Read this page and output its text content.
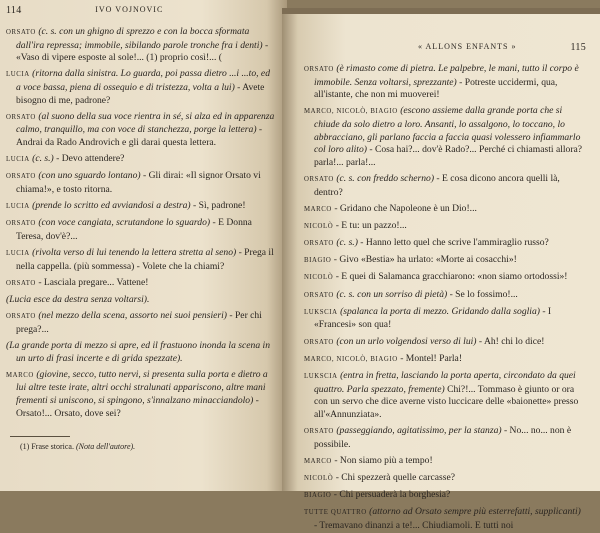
114	IVO VOJNOVIC
ORSATO (c. s. con un ghigno di sprezzo e con la bocca sformata dall'ira repressa; immobile, sibilando parole tronche fra i denti) - «Vaso di vipere esposte al sole!... (1) proprio così!... (
LUCIA (ritorna dalla sinistra. Lo guarda, poi passa dietro ...i ...to, ed a voce bassa, piena di ossequio e di tristezza, volta a lui) - Avete bisogno di me, padrone?
ORSATO (al suono della sua voce rientra in sé, si alza ed in apparenza calmo, tranquillo, ma con voce di stanchezza, porge la lettera) - Andrai da Rado Androvich e gli darai questa lettera.
LUCIA (c. s.) - Devo attendere?
ORSATO (con uno sguardo lontano) - Gli dirai: «Il signor Orsato vi chiama!», e tosto ritorna.
LUCIA (prende lo scritto ed avviandosi a destra) - Sì, padrone!
ORSATO (con voce cangiata, scrutandone lo sguardo) - E Donna Teresa, dov'è?...
LUCIA (rivolta verso di lui tenendo la lettera stretta al seno) - Prega il nella cappella. (più sommessa) - Volete che la chiami?
ORSATO - Lasciala pregare... Vattene!
(Lucia esce da destra senza voltarsi).
ORSATO (nel mezzo della scena, assorto nei suoi pensieri) - Per chi prega?...
(La grande porta di mezzo si apre, ed il frastuono inonda la scena in un urto di frasi incerte e di grida spezzate).
MARCO (giovine, secco, tutto nervi, si presenta sulla porta e dietro a lui altre teste irate, altri occhi stralunati appariscono, altre mani frementi si uniscono, si spingono, s'innalzano minacciandolo) - Orsato!... Orsato, dove sei?
(1) Frase storica. (Nota dell'autore).
« ALLONS ENFANTS »	115
ORSATO (è rimasto come di pietra. Le palpebre, le mani, tutto il corpo è immobile. Senza voltarsi, sprezzante) - Potreste uccidermi, qua, all'istante, che non mi muoverei!
MARCO, NICOLÒ, BIAGIO (escono assieme dalla grande porta che si chiude da solo dietro a loro. Ansanti, lo assalgono, lo toccano, lo abbracciano, gli parlano faccia a faccia quasi volessero infiammarlo col loro alito) - Cosa hai?... dov'è Rado?... Perché ci chiamasti allora? parla!... parla!...
ORSATO (c. s. con freddo scherno) - E cosa dicono ancora quelli là, dentro?
MARCO - Gridano che Napoleone è un Dio!...
NICOLÒ - E tu: un pazzo!...
ORSATO (c. s.) - Hanno letto quel che scrive l'ammiraglio russo?
BIAGIO - Givo «Bestia» ha urlato: «Morte ai cosacchi»!
NICOLÒ - E quei di Salamanca gracchiarono: «non siamo ortodossi»!
ORSATO (c. s. con un sorriso di pietà) - Se lo fossimo!...
LUKSCIA (spalanca la porta di mezzo. Gridando dalla soglia) - I «Francesi» son qua!
ORSATO (con un urlo volgendosi verso di lui) - Ah! chi lo dice!
MARCO, NICOLÒ, BIAGIO - Montel! Parla!
LUKSCIA (entra in fretta, lasciando la porta aperta, circondato da quei quattro. Parla spezzato, fremente) Chi?!... Tommaso è giunto or ora con un servo che dice averne visto luccicare delle «baionette» presso all'«Annunziata».
ORSATO (passeggiando, agitatissimo, per la stanza) - No... no... non è possibile.
MARCO - Non siamo più a tempo!
NICOLÒ - Chi spezzerà quelle carcasse?
BIAGIO - Chi persuaderà la borghesia?
TUTTE QUATTRO (attorno ad Orsato sempre più esterrefatti, supplicanti) - Tremavano dinanzi a te!... Chiudiamoli. E tutti noi
